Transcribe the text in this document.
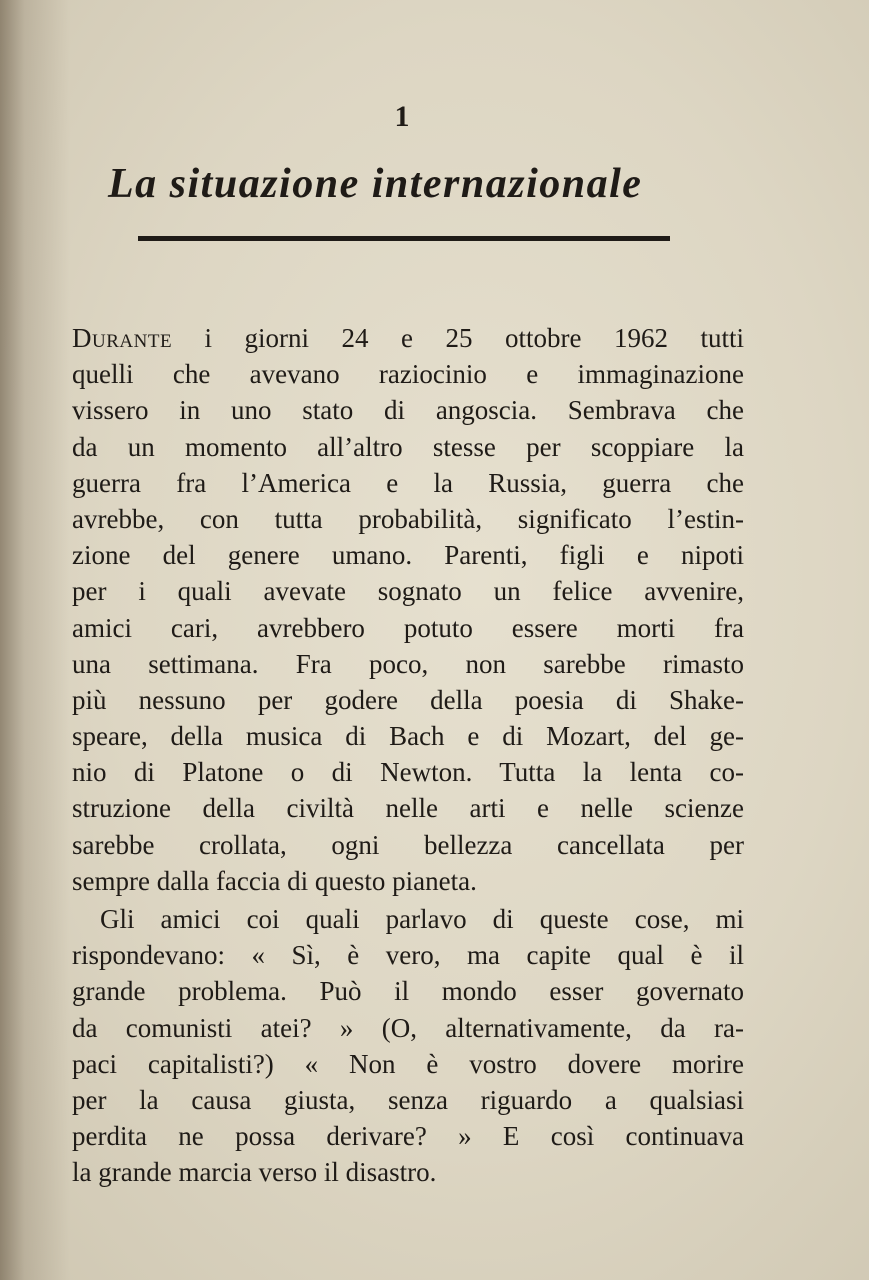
1
La situazione internazionale
Durante i giorni 24 e 25 ottobre 1962 tutti
quelli che avevano raziocinio e immaginazione
vissero in uno stato di angoscia. Sembrava che
da un momento all’altro stesse per scoppiare la
guerra fra l’America e la Russia, guerra che
avrebbe, con tutta probabilità, significato l’estin-
zione del genere umano. Parenti, figli e nipoti
per i quali avevate sognato un felice avvenire,
amici cari, avrebbero potuto essere morti fra
una settimana. Fra poco, non sarebbe rimasto
più nessuno per godere della poesia di Shake-
speare, della musica di Bach e di Mozart, del ge-
nio di Platone o di Newton. Tutta la lenta co-
struzione della civiltà nelle arti e nelle scienze
sarebbe crollata, ogni bellezza cancellata per
sempre dalla faccia di questo pianeta.
Gli amici coi quali parlavo di queste cose, mi
rispondevano: « Sì, è vero, ma capite qual è il
grande problema. Può il mondo esser governato
da comunisti atei? » (O, alternativamente, da ra-
paci capitalisti?) « Non è vostro dovere morire
per la causa giusta, senza riguardo a qualsiasi
perdita ne possa derivare? » E così continuava
la grande marcia verso il disastro.
